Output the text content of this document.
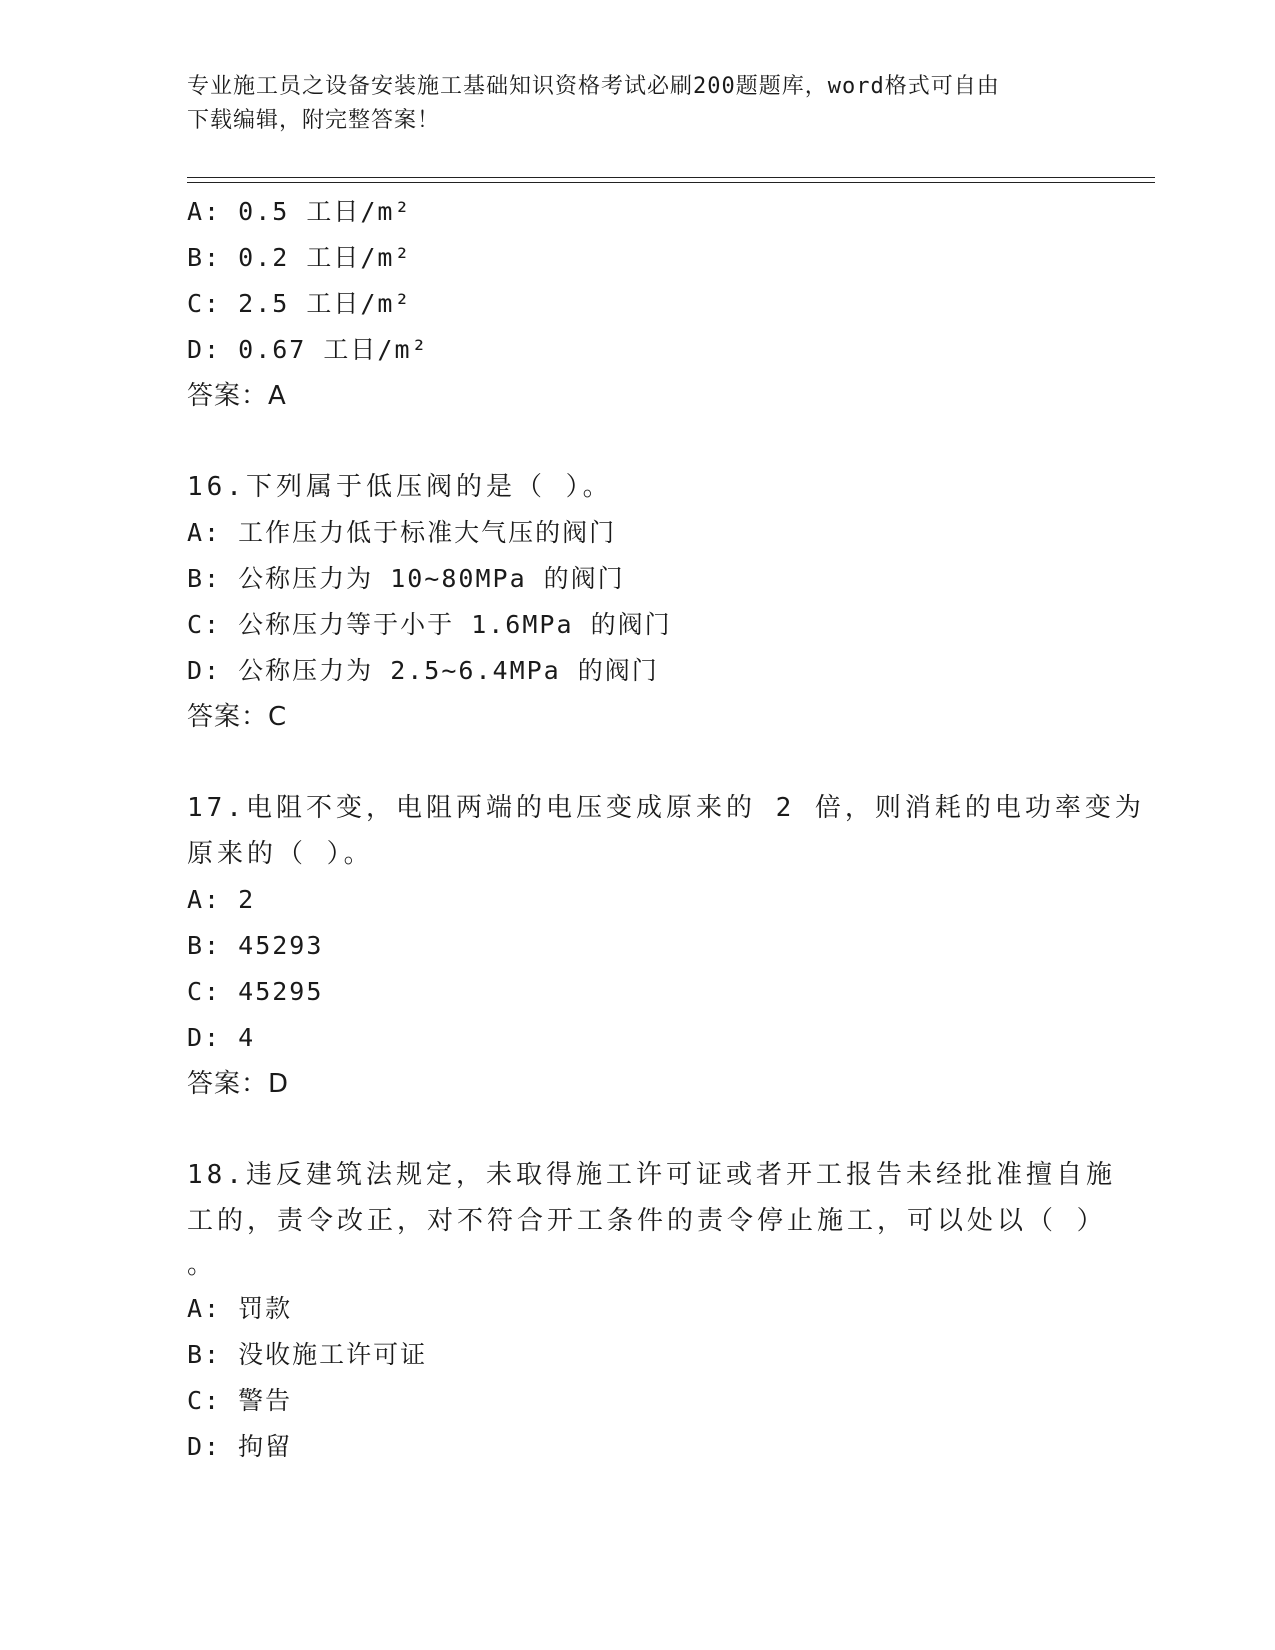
专业施工员之设备安装施工基础知识资格考试必刷200题题库，word格式可自由
下载编辑，附完整答案！
A: 0.5 工日/m²
B: 0.2 工日/m²
C: 2.5 工日/m²
D: 0.67 工日/m²
答案：A
16.下列属于低压阀的是（ ）。
A: 工作压力低于标准大气压的阀门
B: 公称压力为 10~80MPa 的阀门
C: 公称压力等于小于 1.6MPa 的阀门
D: 公称压力为 2.5~6.4MPa 的阀门
答案：C
17.电阻不变，电阻两端的电压变成原来的 2 倍，则消耗的电功率变为
原来的（ ）。
A: 2
B: 45293
C: 45295
D: 4
答案：D
18.违反建筑法规定，未取得施工许可证或者开工报告未经批准擅自施
工的，责令改正，对不符合开工条件的责令停止施工，可以处以（ ）
。
A: 罚款
B: 没收施工许可证
C: 警告
D: 拘留
